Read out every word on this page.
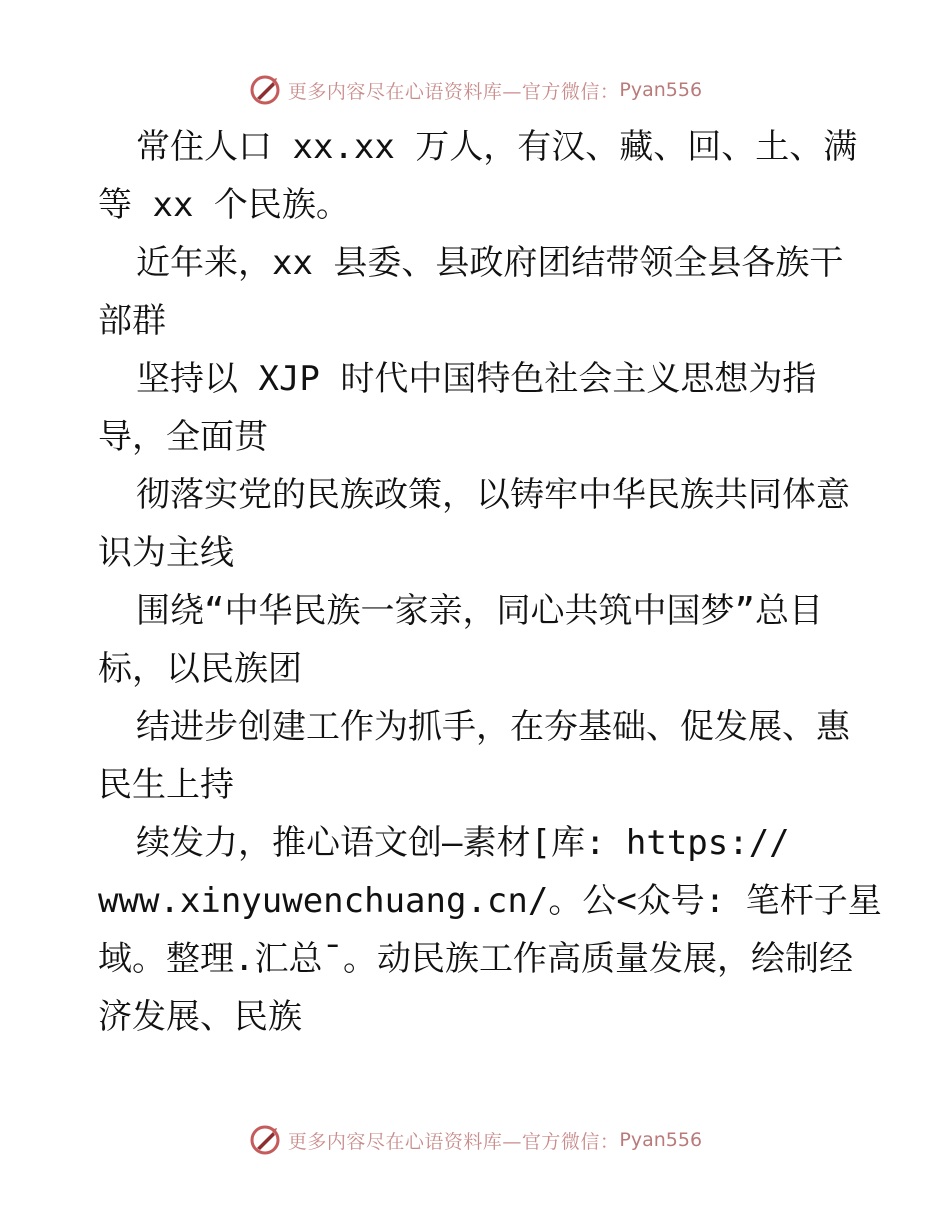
更多内容尽在心语资料库—官方微信： Pyan556
常住人口 xx.xx 万人，有汉、藏、回、土、满
等 xx 个民族。
近年来，xx 县委、县政府团结带领全县各族干
部群
坚持以 XJP 时代中国特色社会主义思想为指
导，全面贯
彻落实党的民族政策，以铸牢中华民族共同体意
识为主线
围绕“中华民族一家亲，同心共筑中国梦”总目
标，以民族团
结进步创建工作为抓手，在夯基础、促发展、惠
民生上持
续发力，推心语文创—素材[库: https://
www.xinyuwenchuang.cn/。公<众号: 笔杆子星
域。整理.汇总¯。动民族工作高质量发展，绘制经
济发展、民族
更多内容尽在心语资料库—官方微信： Pyan556
